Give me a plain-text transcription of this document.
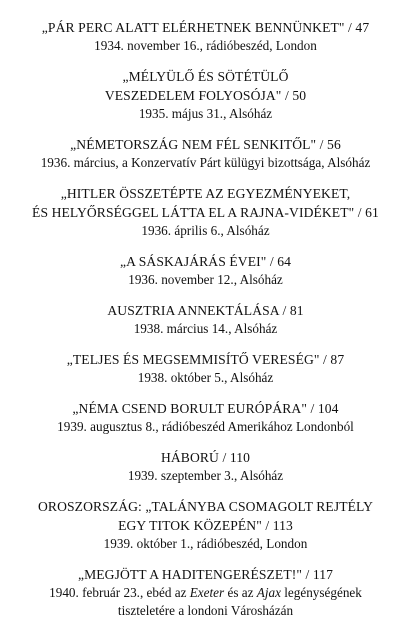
„PÁR PERC ALATT ELÉRHETNEK BENNÜNKET" / 47
1934. november 16., rádióbeszéd, London
„MÉLYÜLŐ ÉS SÖTÉTÜLŐ
VESZEDELEM FOLYOSÓJA" / 50
1935. május 31., Alsóház
„NÉMETORSZÁG NEM FÉL SENKITŐL" / 56
1936. március, a Konzervatív Párt külügyi bizottsága, Alsóház
„HITLER ÖSSZETÉPTE AZ EGYEZMÉNYEKET,
ÉS HELYŐRSÉGGEL LÁTTA EL A RAJNA-VIDÉKET" / 61
1936. április 6., Alsóház
„A SÁSKAJÁRÁS ÉVEI" / 64
1936. november 12., Alsóház
AUSZTRIA ANNEKTÁLÁSA / 81
1938. március 14., Alsóház
„TELJES ÉS MEGSEMMISÍTŐ VERESÉG" / 87
1938. október 5., Alsóház
„NÉMA CSEND BORULT EURÓPÁRA" / 104
1939. augusztus 8., rádióbeszéd Amerikához Londonból
HÁBORÚ / 110
1939. szeptember 3., Alsóház
OROSZORSZÁG: „TALÁNYBA CSOMAGOLT REJTÉLY
EGY TITOK KÖZEPÉN" / 113
1939. október 1., rádióbeszéd, London
„MEGJÖTT A HADITENGERÉSZET!" / 117
1940. február 23., ebéd az Exeter és az Ajax legénységének
tiszteletére a londoni Városházán
